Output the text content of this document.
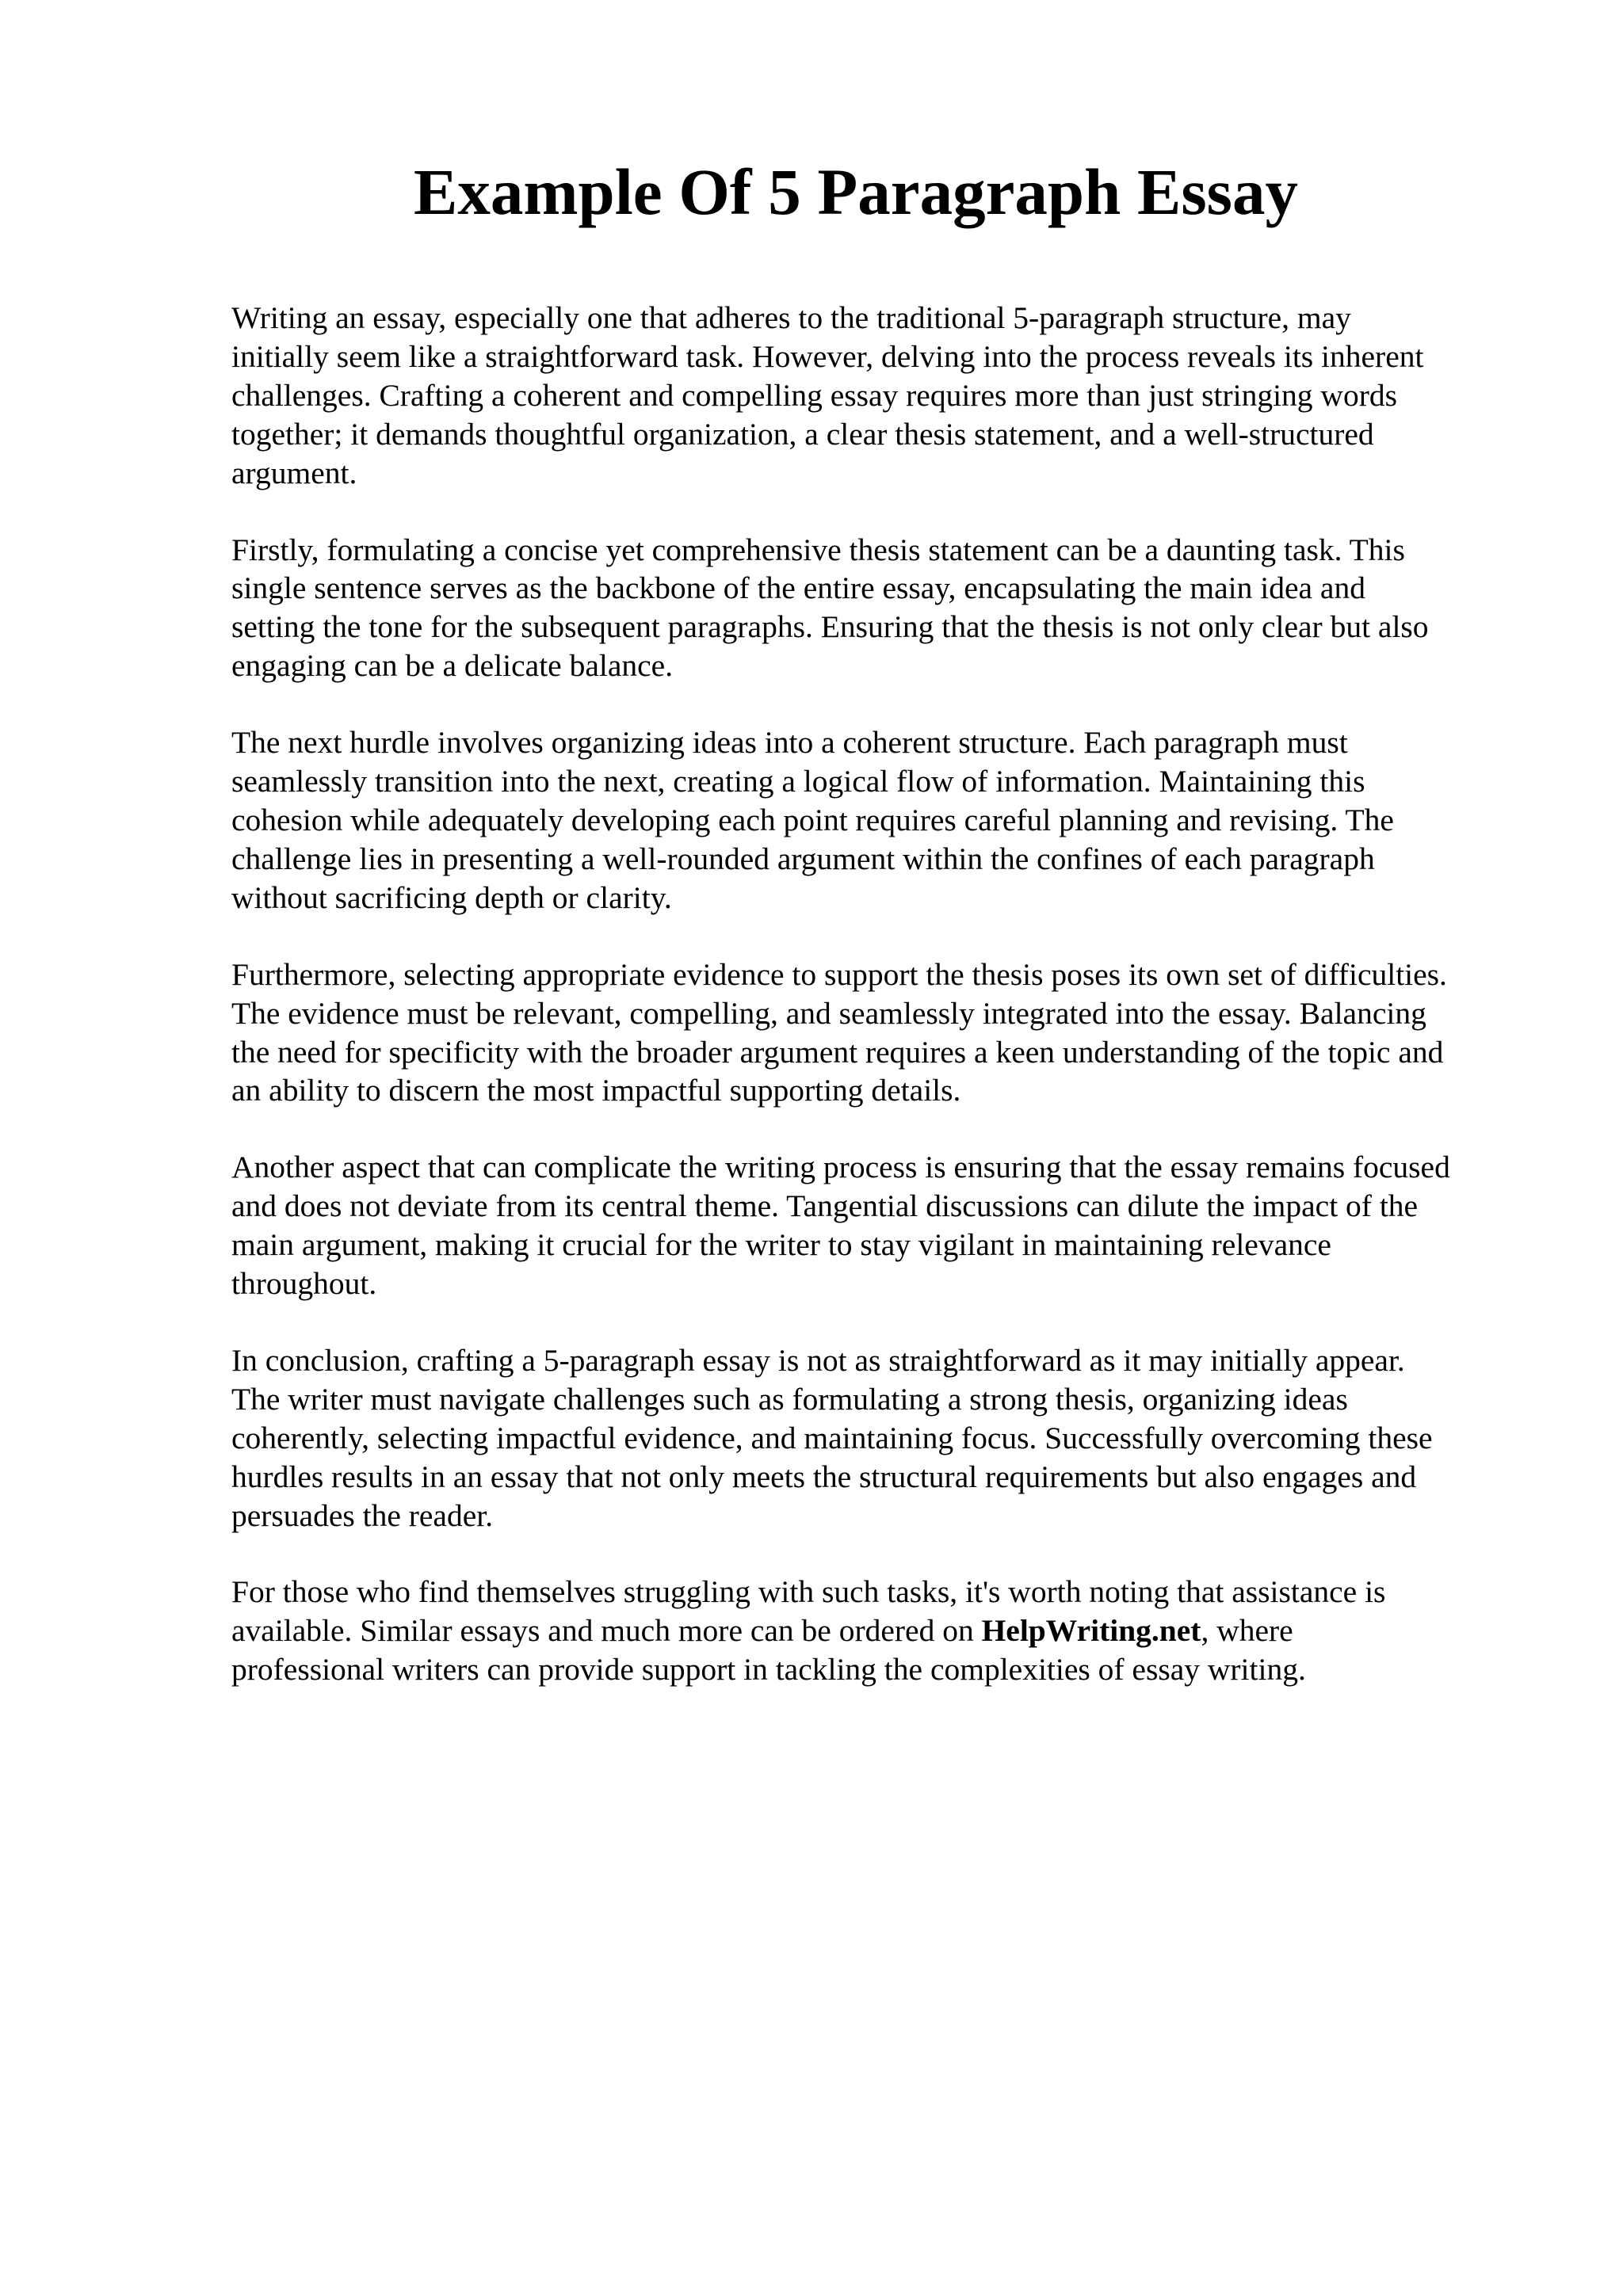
Example Of 5 Paragraph Essay

Writing an essay, especially one that adheres to the traditional 5-paragraph structure, may
initially seem like a straightforward task. However, delving into the process reveals its inherent
challenges. Crafting a coherent and compelling essay requires more than just stringing words
together; it demands thoughtful organization, a clear thesis statement, and a well-structured
argument.

Firstly, formulating a concise yet comprehensive thesis statement can be a daunting task. This
single sentence serves as the backbone of the entire essay, encapsulating the main idea and
setting the tone for the subsequent paragraphs. Ensuring that the thesis is not only clear but also
engaging can be a delicate balance.

The next hurdle involves organizing ideas into a coherent structure. Each paragraph must
seamlessly transition into the next, creating a logical flow of information. Maintaining this
cohesion while adequately developing each point requires careful planning and revising. The
challenge lies in presenting a well-rounded argument within the confines of each paragraph
without sacrificing depth or clarity.

Furthermore, selecting appropriate evidence to support the thesis poses its own set of difficulties.
The evidence must be relevant, compelling, and seamlessly integrated into the essay. Balancing
the need for specificity with the broader argument requires a keen understanding of the topic and
an ability to discern the most impactful supporting details.

Another aspect that can complicate the writing process is ensuring that the essay remains focused
and does not deviate from its central theme. Tangential discussions can dilute the impact of the
main argument, making it crucial for the writer to stay vigilant in maintaining relevance
throughout.

In conclusion, crafting a 5-paragraph essay is not as straightforward as it may initially appear.
The writer must navigate challenges such as formulating a strong thesis, organizing ideas
coherently, selecting impactful evidence, and maintaining focus. Successfully overcoming these
hurdles results in an essay that not only meets the structural requirements but also engages and
persuades the reader.

For those who find themselves struggling with such tasks, it's worth noting that assistance is
available. Similar essays and much more can be ordered on HelpWriting.net, where
professional writers can provide support in tackling the complexities of essay writing.
